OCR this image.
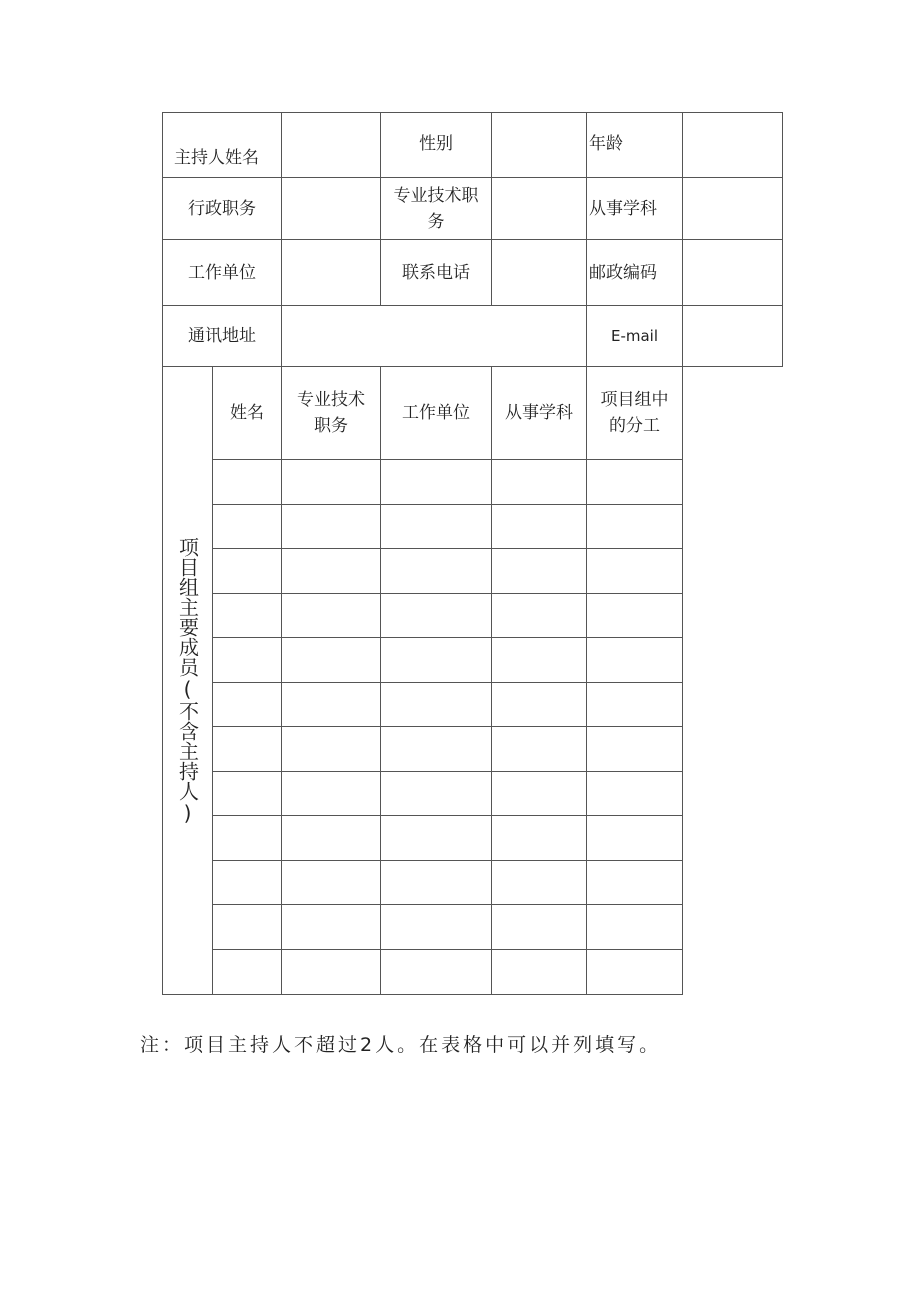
主持人姓名			性别		年龄	
行政职务			专业技术职务		从事学科	
工作单位			联系电话		邮政编码	
通讯地址					E-mail	
项目组主要成员(不含主持人)	姓名	专业技术职务	工作单位	从事学科	项目组中的分工	

注：项目主持人不超过2人。在表格中可以并列填写。
